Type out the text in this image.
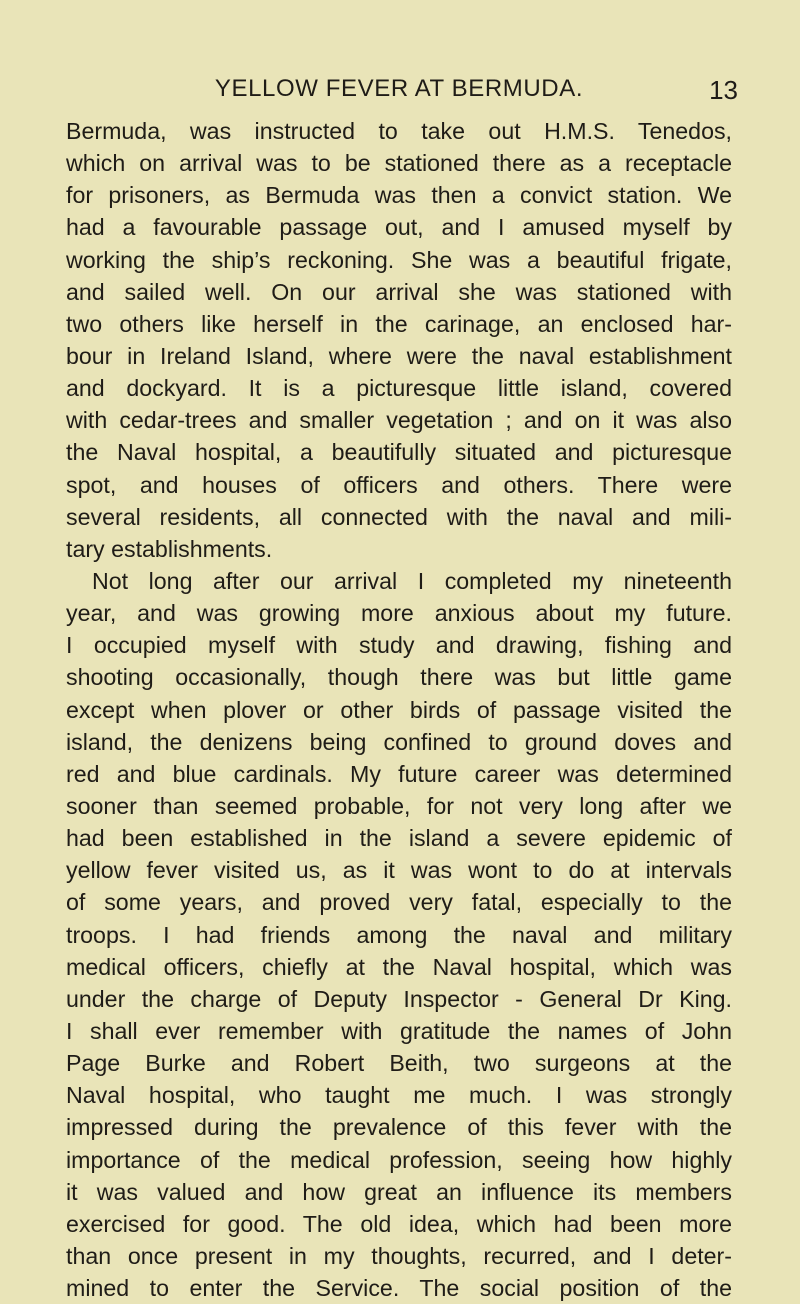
YELLOW FEVER AT BERMUDA.	13
Bermuda, was instructed to take out H.M.S. Tenedos,
which on arrival was to be stationed there as a receptacle
for prisoners, as Bermuda was then a convict station. We
had a favourable passage out, and I amused myself by
working the ship’s reckoning. She was a beautiful frigate,
and sailed well. On our arrival she was stationed with
two others like herself in the carinage, an enclosed har-
bour in Ireland Island, where were the naval establishment
and dockyard. It is a picturesque little island, covered
with cedar-trees and smaller vegetation ; and on it was also
the Naval hospital, a beautifully situated and picturesque
spot, and houses of officers and others. There were
several residents, all connected with the naval and mili-
tary establishments.
Not long after our arrival I completed my nineteenth
year, and was growing more anxious about my future.
I occupied myself with study and drawing, fishing and
shooting occasionally, though there was but little game
except when plover or other birds of passage visited the
island, the denizens being confined to ground doves and
red and blue cardinals. My future career was determined
sooner than seemed probable, for not very long after we
had been established in the island a severe epidemic of
yellow fever visited us, as it was wont to do at intervals
of some years, and proved very fatal, especially to the
troops. I had friends among the naval and military
medical officers, chiefly at the Naval hospital, which was
under the charge of Deputy Inspector - General Dr King.
I shall ever remember with gratitude the names of John
Page Burke and Robert Beith, two surgeons at the
Naval hospital, who taught me much. I was strongly
impressed during the prevalence of this fever with the
importance of the medical profession, seeing how highly
it was valued and how great an influence its members
exercised for good. The old idea, which had been more
than once present in my thoughts, recurred, and I deter-
mined to enter the Service. The social position of the
